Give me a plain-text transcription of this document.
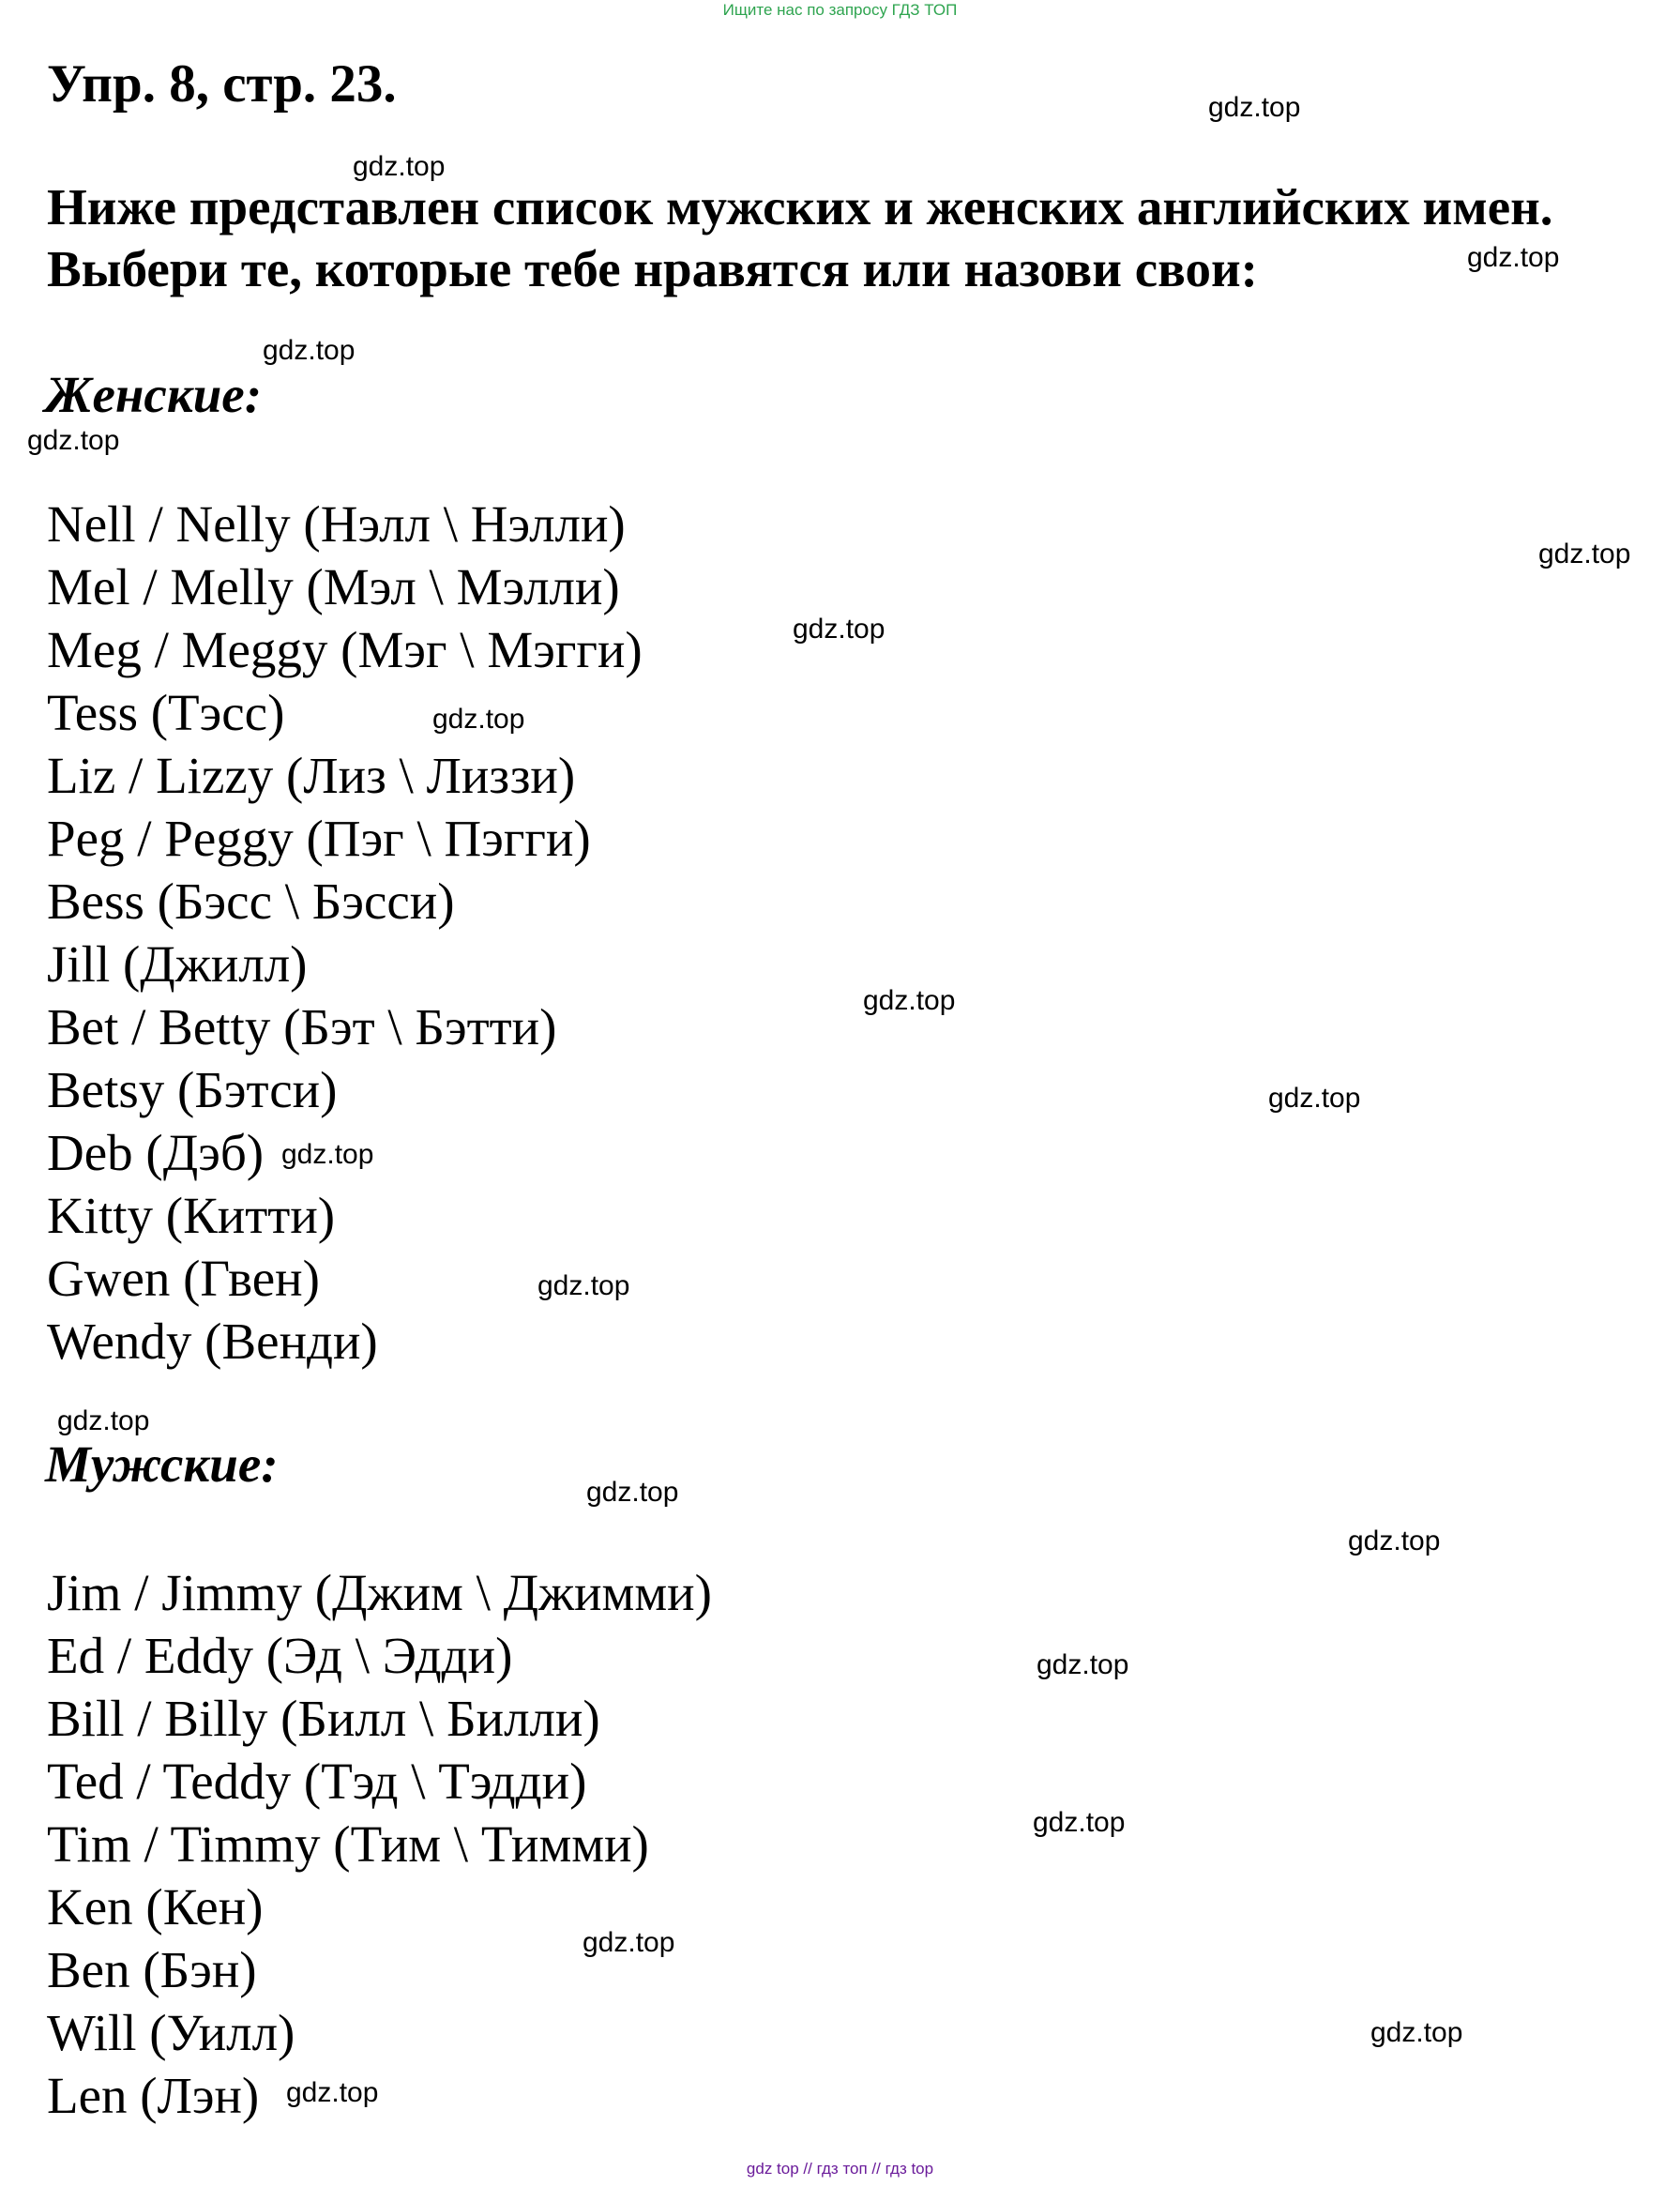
Ищите нас по запросу ГДЗ ТОП
Упр. 8, стр. 23.
Ниже представлен список мужских и женских английских имен.
Выбери те, которые тебе нравятся или назови свои:
Женские:
Nell / Nelly (Нэлл \ Нэлли)
Mel / Melly (Мэл \ Мэлли)
Meg / Meggy (Мэг \ Мэгги)
Tess (Тэсс)
Liz / Lizzy (Лиз \ Лиззи)
Peg / Peggy (Пэг \ Пэгги)
Bess (Бэсс \ Бэсси)
Jill (Джилл)
Bet / Betty (Бэт \ Бэтти)
Betsy (Бэтси)
Deb (Дэб)
Kitty (Китти)
Gwen (Гвен)
Wendy (Венди)
Мужские:
Jim / Jimmy (Джим \ Джимми)
Ed / Eddy (Эд \ Эдди)
Bill / Billy (Билл \ Билли)
Ted / Teddy (Тэд \ Тэдди)
Tim / Timmy (Тим \ Тимми)
Ken (Кен)
Ben (Бэн)
Will (Уилл)
Len (Лэн)
gdz.top
gdz.top
gdz.top
gdz.top
gdz.top
gdz.top
gdz.top
gdz.top
gdz.top
gdz.top
gdz.top
gdz.top
gdz.top
gdz.top
gdz.top
gdz.top
gdz.top
gdz.top
gdz.top
gdz.top
gdz top // гдз топ // гдз top
